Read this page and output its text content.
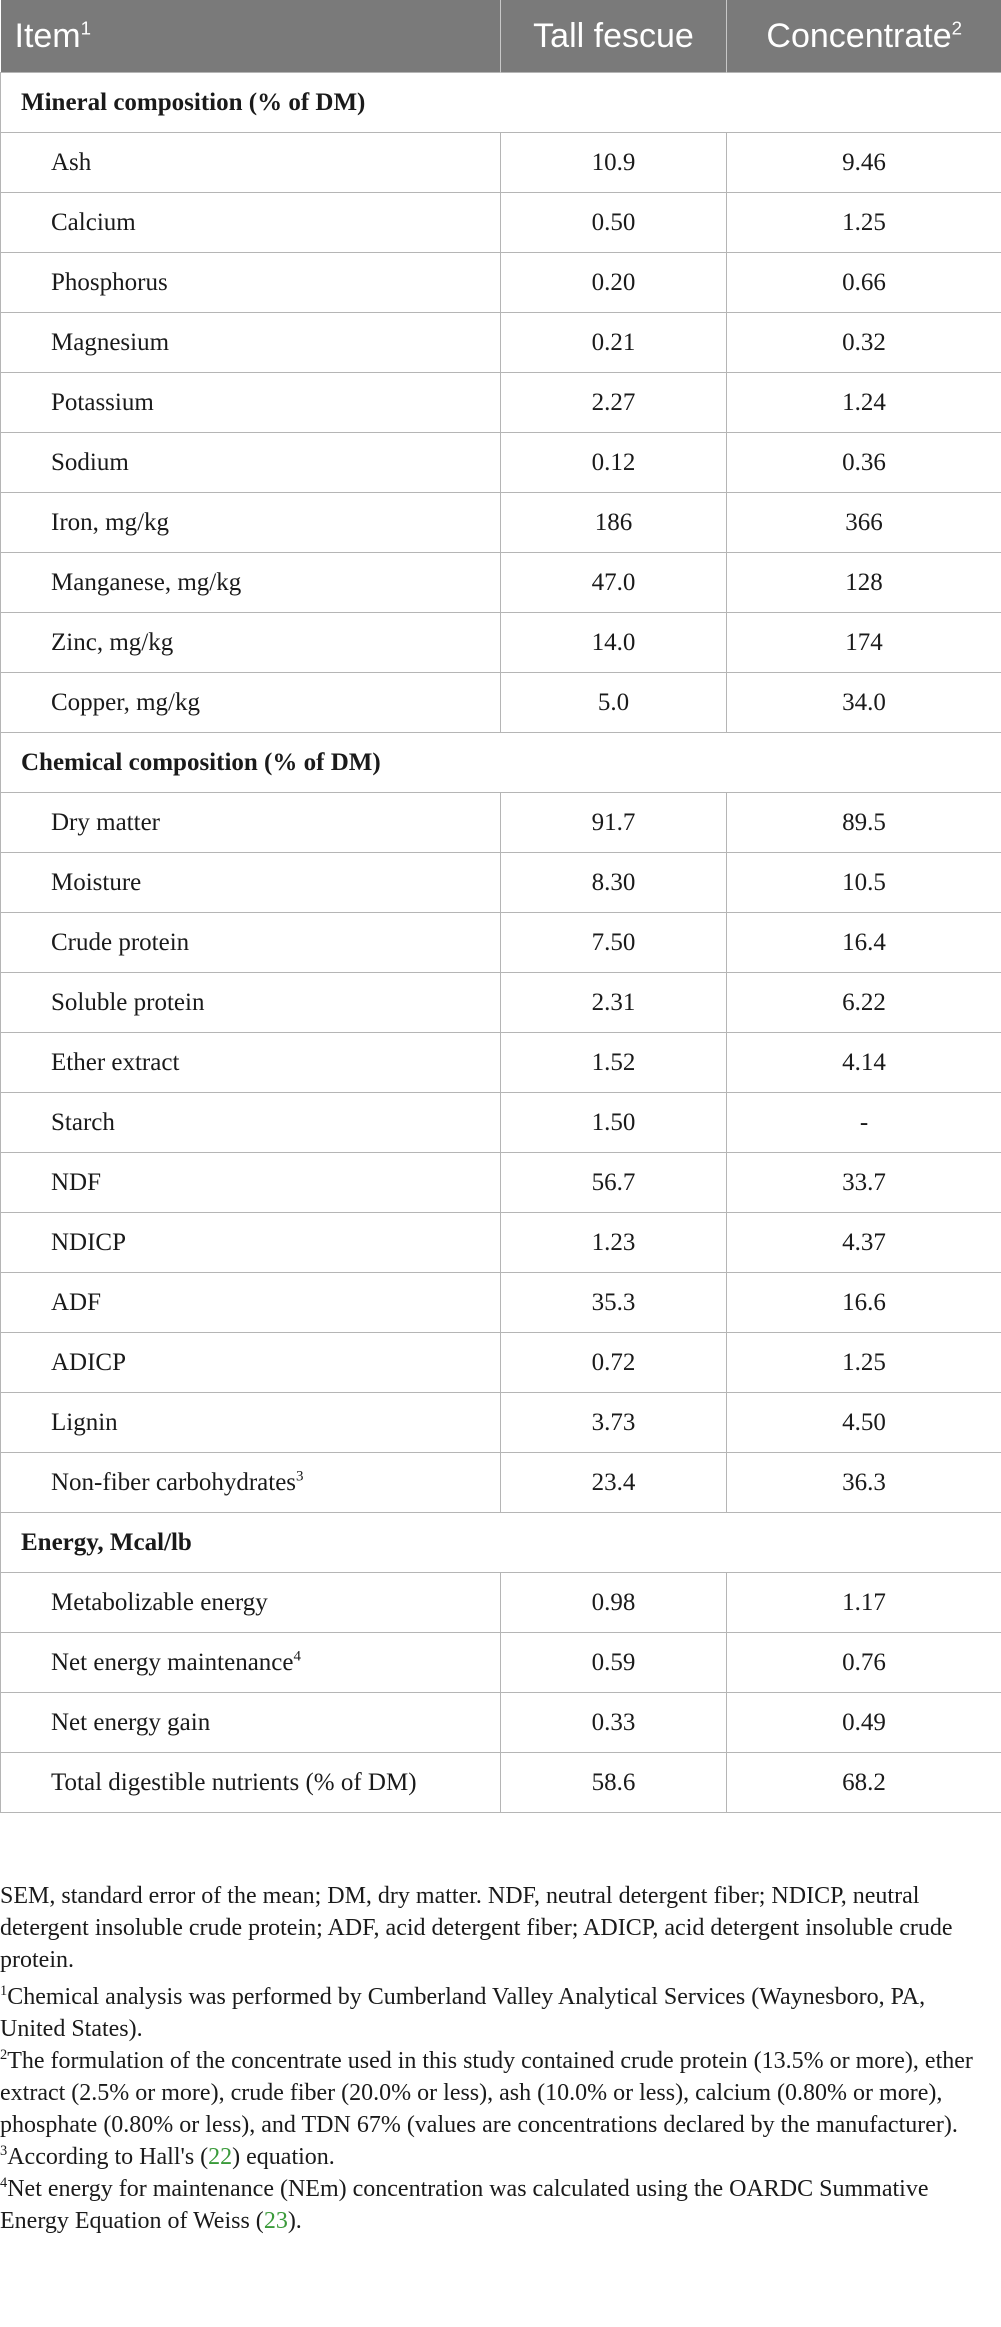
Item$^1$	Tall fescue	Concentrate$^2$
Mineral composition (% of DM)		
Ash	10.9	9.46
Calcium	0.50	1.25
Phosphorus	0.20	0.66
Magnesium	0.21	0.32
Potassium	2.27	1.24
Sodium	0.12	0.36
Iron, mg/kg	186	366
Manganese, mg/kg	47.0	128
Zinc, mg/kg	14.0	174
Copper, mg/kg	5.0	34.0
Chemical composition (% of DM)		
Dry matter	91.7	89.5
Moisture	8.30	10.5
Crude protein	7.50	16.4
Soluble protein	2.31	6.22
Ether extract	1.52	4.14
Starch	1.50	-
NDF	56.7	33.7
NDICP	1.23	4.37
ADF	35.3	16.6
ADICP	0.72	1.25
Lignin	3.73	4.50
Non-fiber carbohydrates$^3$	23.4	36.3
Energy, Mcal/lb		
Metabolizable energy	0.98	1.17
Net energy maintenance$^4$	0.59	0.76
Net energy gain	0.33	0.49
Total digestible nutrients (% of DM)	58.6	68.2

SEM, standard error of the mean; DM, dry matter. NDF, neutral detergent fiber; NDICP, neutral detergent insoluble crude protein; ADF, acid detergent fiber; ADICP, acid detergent insoluble crude protein.

$^1$Chemical analysis was performed by Cumberland Valley Analytical Services (Waynesboro, PA, United States).

$^2$The formulation of the concentrate used in this study contained crude protein (13.5% or more), ether extract (2.5% or more), crude fiber (20.0% or less), ash (10.0% or less), calcium (0.80% or more), phosphate (0.80% or less), and TDN 67% (values are concentrations declared by the manufacturer).

$^3$According to Hall's (22) equation.

$^4$Net energy for maintenance (NEm) concentration was calculated using the OARDC Summative Energy Equation of Weiss (23).
